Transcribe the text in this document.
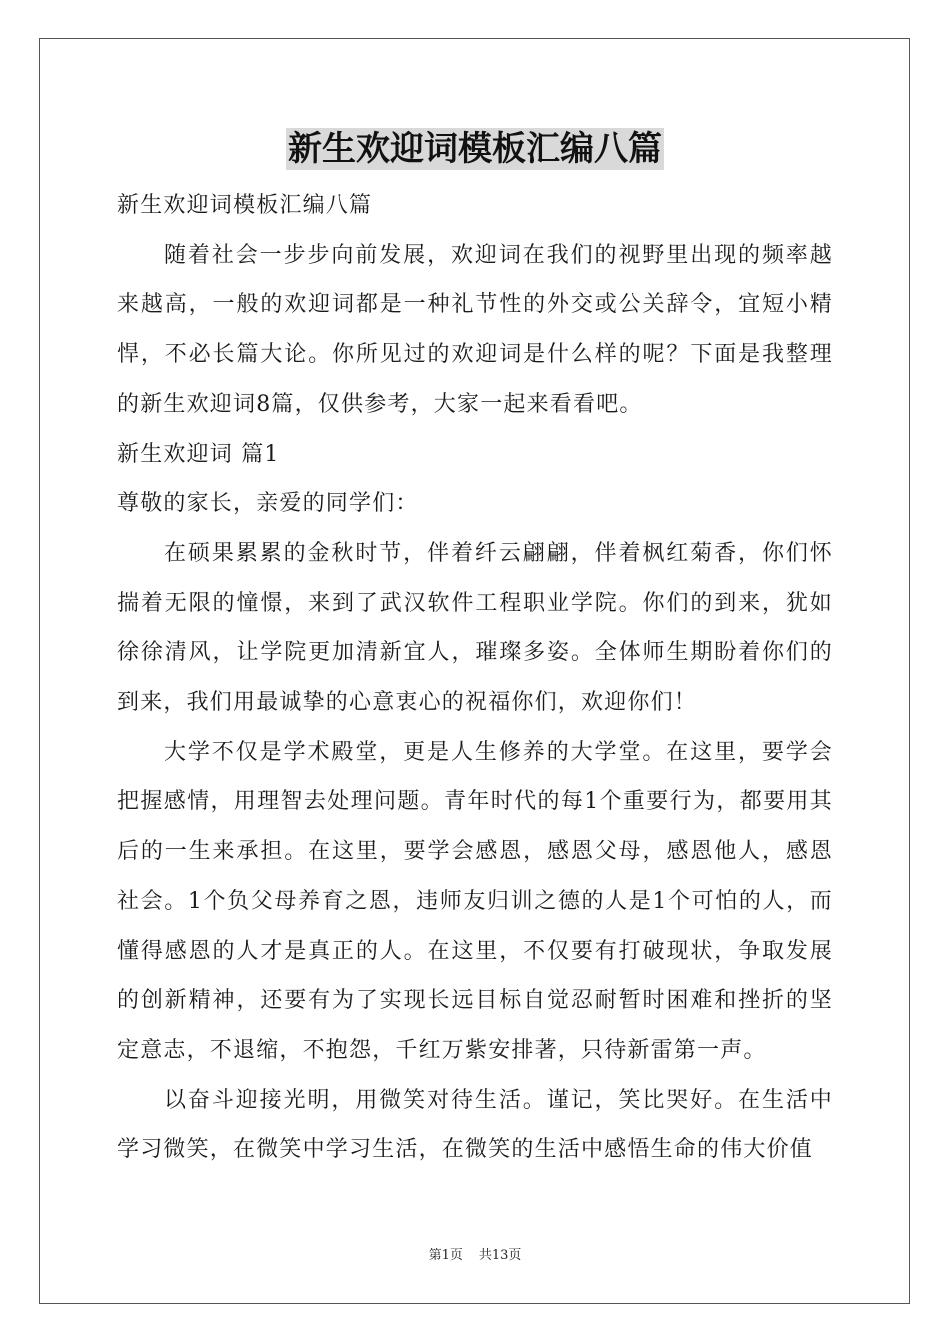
新生欢迎词模板汇编八篇

新生欢迎词模板汇编八篇

随着社会一步步向前发展，欢迎词在我们的视野里出现的频率越来越高，一般的欢迎词都是一种礼节性的外交或公关辞令，宜短小精悍，不必长篇大论。你所见过的欢迎词是什么样的呢？下面是我整理的新生欢迎词8篇，仅供参考，大家一起来看看吧。

新生欢迎词 篇1

尊敬的家长，亲爱的同学们：

在硕果累累的金秋时节，伴着纤云翩翩，伴着枫红菊香，你们怀揣着无限的憧憬，来到了武汉软件工程职业学院。你们的到来，犹如徐徐清风，让学院更加清新宜人，璀璨多姿。全体师生期盼着你们的到来，我们用最诚挚的心意衷心的祝福你们，欢迎你们！

大学不仅是学术殿堂，更是人生修养的大学堂。在这里，要学会把握感情，用理智去处理问题。青年时代的每1个重要行为，都要用其后的一生来承担。在这里，要学会感恩，感恩父母，感恩他人，感恩社会。1个负父母养育之恩，违师友归训之德的人是1个可怕的人，而懂得感恩的人才是真正的人。在这里，不仅要有打破现状，争取发展的创新精神，还要有为了实现长远目标自觉忍耐暂时困难和挫折的坚定意志，不退缩，不抱怨，千红万紫安排著，只待新雷第一声。

以奋斗迎接光明，用微笑对待生活。谨记，笑比哭好。在生活中学习微笑，在微笑中学习生活，在微笑的生活中感悟生命的伟大价值

第1页 共13页
